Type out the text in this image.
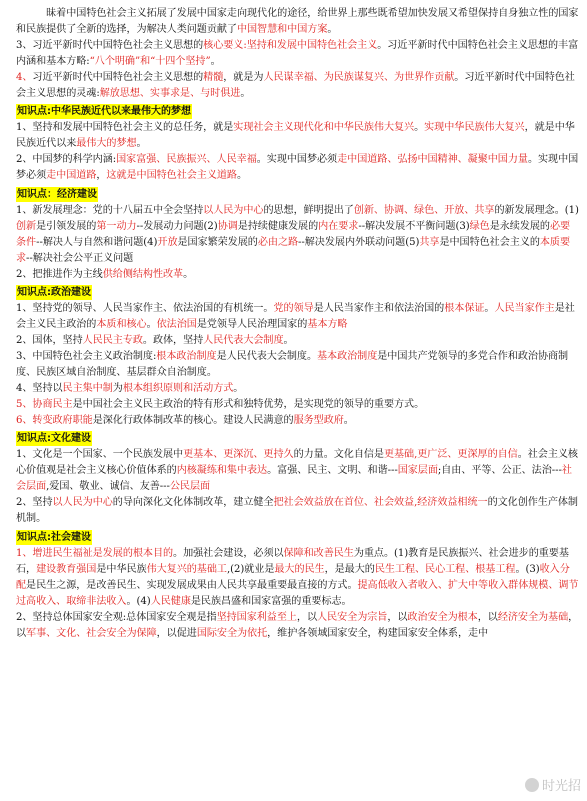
　　　昧着中国特色社会主义拓展了发展中国家走向现代化的途径，给世界上那些既希望加快发展又希望保持自身独立性的国家和民族提供了全新的选择，为解决人类问题贡献了中国智慧和中国方案。
3、习近平新时代中国特色社会主义思想的核心要义:坚持和发展中国特色社会主义。习近平新时代中国特色社会主义思想的丰富内涵和基本方略:“八个明确”和“十四个坚持”。
4、习近平新时代中国特色社会主义思想的精髓，就是为人民谋幸福、为民族谋复兴、为世界作贡献。习近平新时代中国特色社会主义思想的灵魂:解放思想、实事求是、与时俱进。
知识点:中华民族近代以来最伟大的梦想
1、坚持和发展中国特色社会主义的总任务，就是实现社会主义现代化和中华民族伟大复兴。实现中华民族伟大复兴，就是中华民族近代以来最伟大的梦想。
2、中国梦的科学内涵:国家富强、民族振兴、人民幸福。实现中国梦必须走中国道路、弘扬中国精神、凝聚中国力量。实现中国梦必须走中国道路，这就是中国特色社会主义道路。
知识点：经济建设
1、新发展理念：党的十八届五中全会坚持以人民为中心的思想，鲜明提出了创新、协调、绿色、开放、共享的新发展理念。(1)创新是引领发展的第一动力--发展动力问题(2)协调是持续健康发展的内在要求--解决发展不平衡问题(3)绿色是永续发展的必要条件--解决人与自然和谐问题(4)开放是国家繁荣发展的必由之路--解决发展内外联动问题(5)共享是中国特色社会主义的本质要求--解决社会公平正义问题
2、把推进作为主线供给侧结构性改革。
知识点:政治建设
1、坚持党的领导、人民当家作主、依法治国的有机统一。党的领导是人民当家作主和依法治国的根本保证。人民当家作主是社会主义民主政治的本质和核心。依法治国是党领导人民治理国家的基本方略
2、国体，坚持人民民主专政。政体，坚持人民代表大会制度。
3、中国特色社会主义政治制度:根本政治制度是人民代表大会制度。基本政治制度是中国共产党领导的多党合作和政治协商制度、民族区域自治制度、基层群众自治制度。
4、坚持以民主集中制为根本组织原则和活动方式。
5、协商民主是中国社会主义民主政治的特有形式和独特优势，是实现党的领导的重要方式。
6、转变政府职能是深化行政体制改革的核心。建设人民满意的服务型政府。
知识点:文化建设
1、文化是一个国家、一个民族发展中更基本、更深沉、更持久的力量。文化自信是更基础,更广泛、更深厚的自信。社会主义核心价值观是社会主义核心价值体系的内核凝练和集中表达。富强、民主、文明、和谐---国家层面;自由、平等、公正、法治---社会层面,爱国、敬业、诚信、友善---公民层面
2、坚持以人民为中心的导向深化文化体制改革，建立健全把社会效益放在首位、社会效益,经济效益相统一的文化创作生产体制机制。
知识点:社会建设
1、增进民生福祉是发展的根本目的。加强社会建设，必须以保障和改善民生为重点。(1)教育是民族振兴、社会进步的重要基石，建设教育强国是中华民族伟大复兴的基础工,(2)就业是最大的民生，是最大的民生工程、民心工程、根基工程。(3)收入分配是民生之源，是改善民生、实现发展成果由人民共享最重要最直接的方式。提高低收入者收入、扩大中等收入群体规模、调节过高收入、取缔非法收入。(4)人民健康是民族昌盛和国家富强的重要标志。
2、坚持总体国家安全观:总体国家安全观是指坚持国家利益至上，以人民安全为宗旨，以政治安全为根本，以经济安全为基础，以军事、文化、社会安全为保障，以促进国际安全为依托，维护各领域国家安全，构建国家安全体系，走中
时光招
